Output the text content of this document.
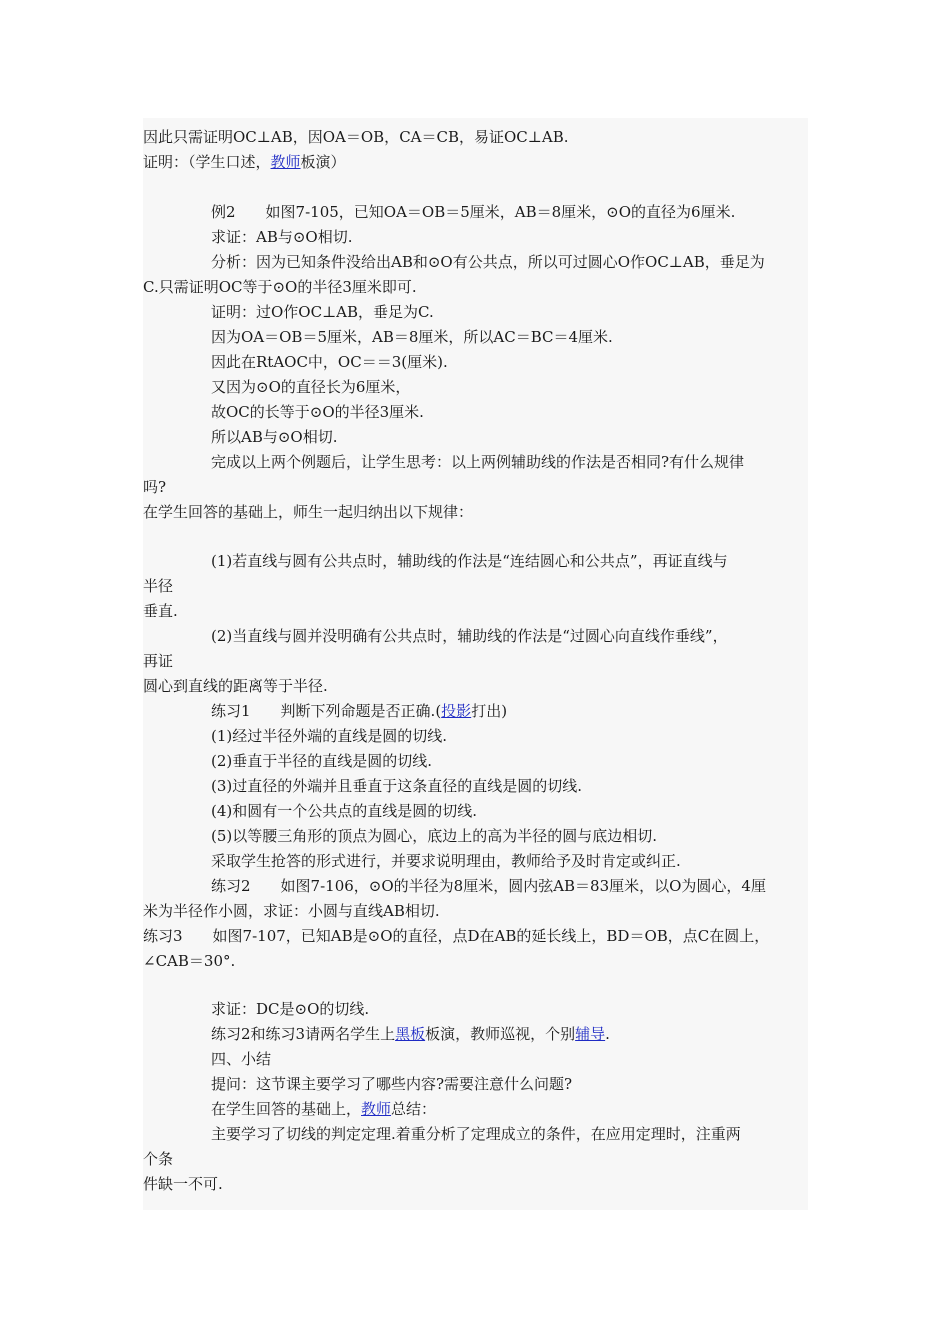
因此只需证明OC⊥AB，因OA＝OB，CA＝CB，易证OC⊥AB.
证明：（学生口述，教师板演）
例2　　如图7-105，已知OA＝OB＝5厘米，AB＝8厘米，⊙O的直径为6厘米.
求证：AB与⊙O相切.
分析：因为已知条件没给出AB和⊙O有公共点，所以可过圆心O作OC⊥AB，垂足为
C.只需证明OC等于⊙O的半径3厘米即可.
证明：过O作OC⊥AB，垂足为C.
因为OA＝OB＝5厘米，AB＝8厘米，所以AC＝BC＝4厘米.
因此在RtAOC中，OC＝＝3(厘米).
又因为⊙O的直径长为6厘米，
故OC的长等于⊙O的半径3厘米.
所以AB与⊙O相切.
完成以上两个例题后，让学生思考：以上两例辅助线的作法是否相同?有什么规律
吗?
在学生回答的基础上，师生一起归纳出以下规律：
(1)若直线与圆有公共点时，辅助线的作法是“连结圆心和公共点”，再证直线与
半径
垂直.
(2)当直线与圆并没明确有公共点时，辅助线的作法是“过圆心向直线作垂线”，
再证
圆心到直线的距离等于半径.
练习1　　判断下列命题是否正确.(投影打出)
(1)经过半径外端的直线是圆的切线.
(2)垂直于半径的直线是圆的切线.
(3)过直径的外端并且垂直于这条直径的直线是圆的切线.
(4)和圆有一个公共点的直线是圆的切线.
(5)以等腰三角形的顶点为圆心，底边上的高为半径的圆与底边相切.
采取学生抢答的形式进行，并要求说明理由，教师给予及时肯定或纠正.
练习2　　如图7-106，⊙O的半径为8厘米，圆内弦AB＝83厘米，以O为圆心，4厘
米为半径作小圆，求证：小圆与直线AB相切.
练习3　　如图7-107，已知AB是⊙O的直径，点D在AB的延长线上，BD＝OB，点C在圆上，
∠CAB＝30°.
求证：DC是⊙O的切线.
练习2和练习3请两名学生上黑板板演，教师巡视，个别辅导.
四、小结
提问：这节课主要学习了哪些内容?需要注意什么问题?
在学生回答的基础上，教师总结：
主要学习了切线的判定定理.着重分析了定理成立的条件，在应用定理时，注重两
个条
件缺一不可.
